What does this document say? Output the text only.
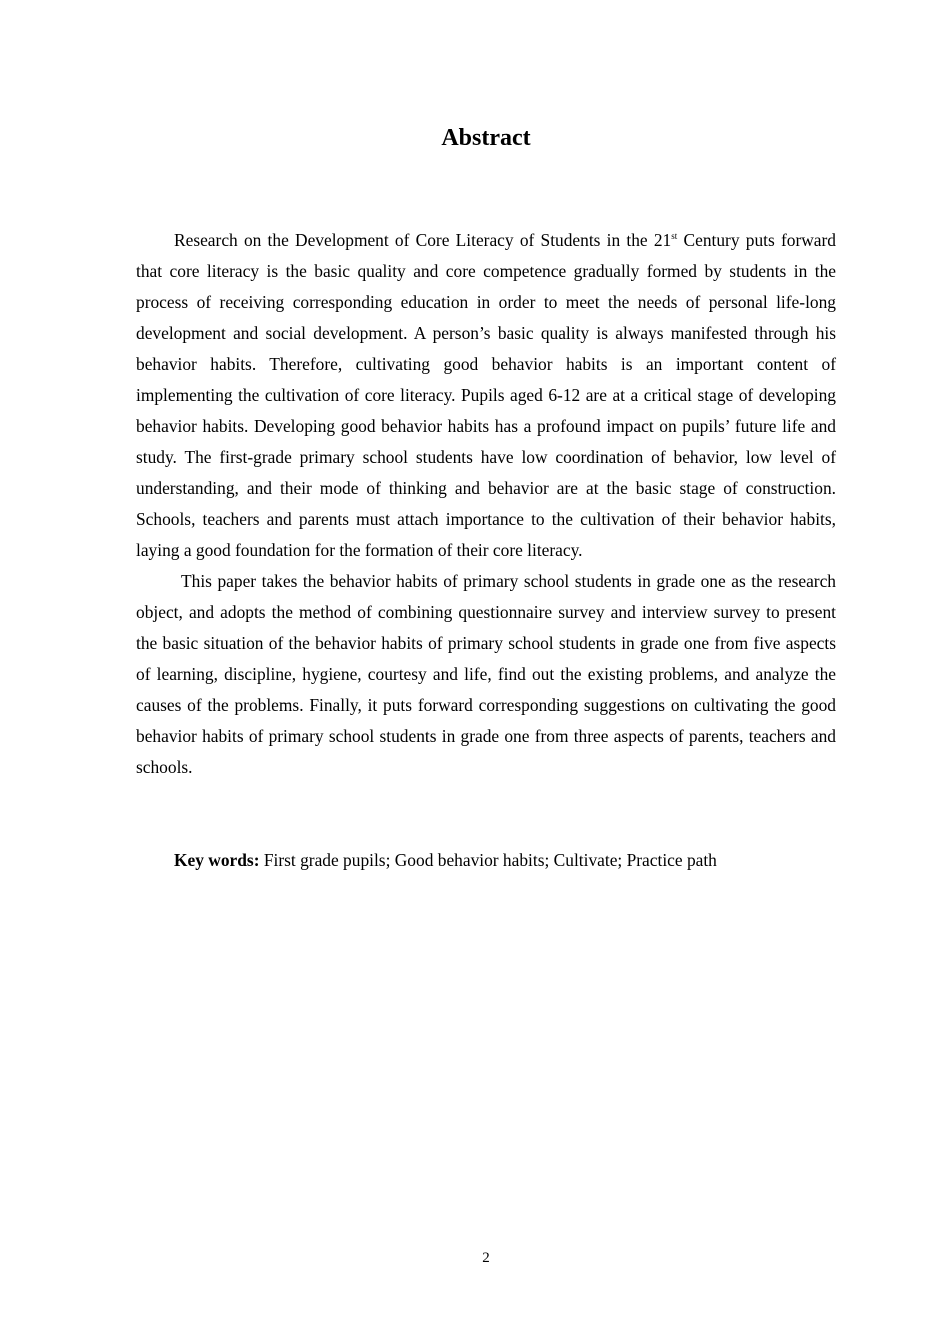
Abstract

Research on the Development of Core Literacy of Students in the 21st Century puts forward that core literacy is the basic quality and core competence gradually formed by students in the process of receiving corresponding education in order to meet the needs of personal life-long development and social development. A person’s basic quality is always manifested through his behavior habits. Therefore, cultivating good behavior habits is an important content of implementing the cultivation of core literacy. Pupils aged 6-12 are at a critical stage of developing behavior habits. Developing good behavior habits has a profound impact on pupils’ future life and study. The first-grade primary school students have low coordination of behavior, low level of understanding, and their mode of thinking and behavior are at the basic stage of construction. Schools, teachers and parents must attach importance to the cultivation of their behavior habits, laying a good foundation for the formation of their core literacy.

This paper takes the behavior habits of primary school students in grade one as the research object, and adopts the method of combining questionnaire survey and interview survey to present the basic situation of the behavior habits of primary school students in grade one from five aspects of learning, discipline, hygiene, courtesy and life, find out the existing problems, and analyze the causes of the problems. Finally, it puts forward corresponding suggestions on cultivating the good behavior habits of primary school students in grade one from three aspects of parents, teachers and schools.

Key words: First grade pupils; Good behavior habits; Cultivate; Practice path

2
